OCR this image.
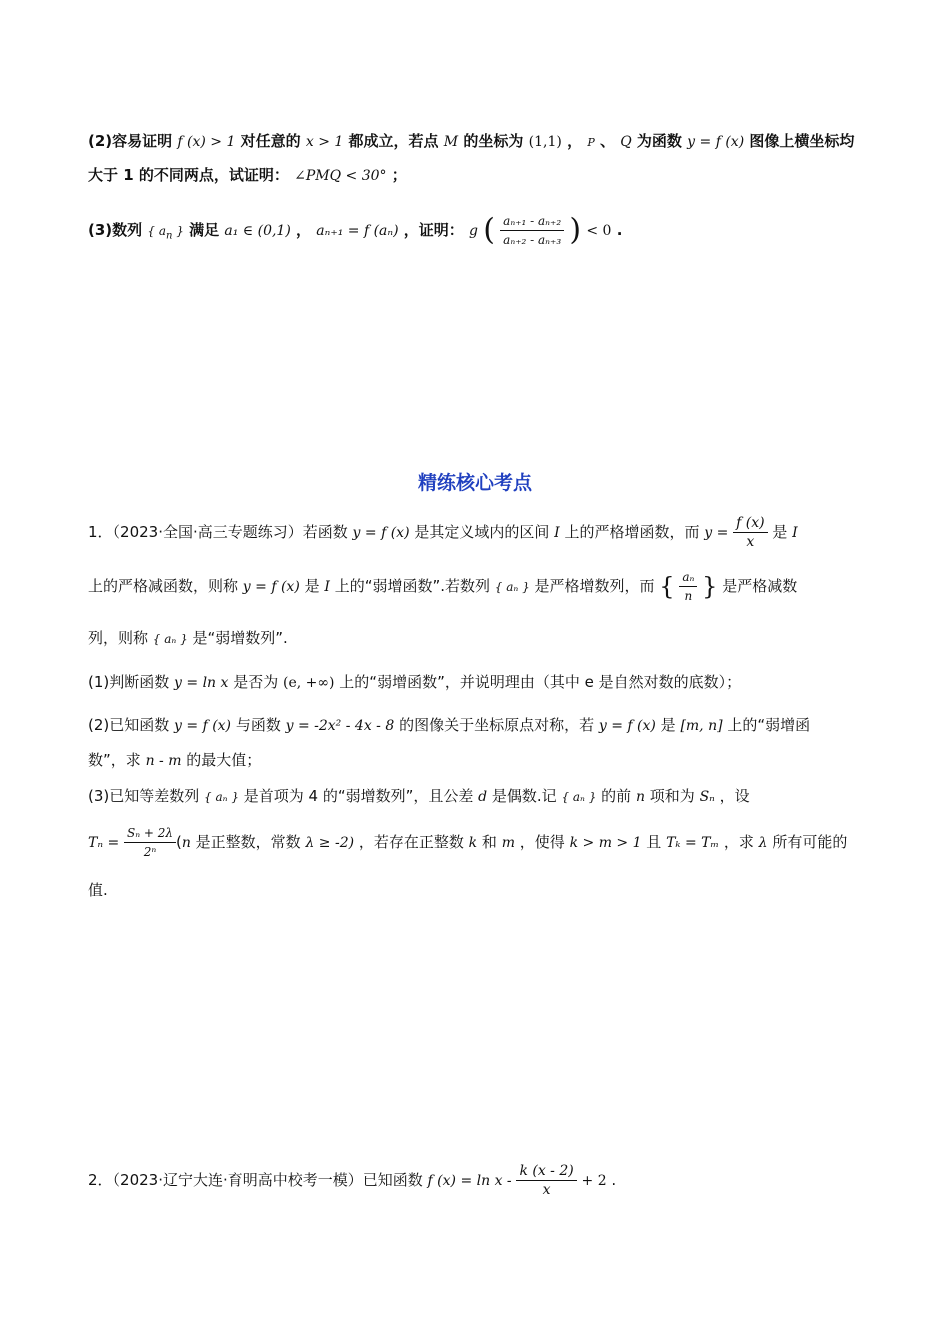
(2)容易证明 f (x) > 1 对任意的 x > 1 都成立，若点 M 的坐标为 (1,1) ， P 、 Q 为函数 y = f (x) 图像上横坐标均
大于 1 的不同两点，试证明： ∠PMQ < 30° ；
(3)数列 { $a_n$ } 满足 a₁ ∈ (0,1) ， aₙ₊₁ = f (aₙ) ，证明： g ( $\frac{\text{aₙ₊₁ - aₙ₊₂}}{\text{aₙ₊₂ - aₙ₊₃}}$ ) < 0 .
精练核心考点
1．（2023·全国·高三专题练习）若函数 y = f (x) 是其定义域内的区间 I 上的严格增函数，而 $y = \frac{f (x)}{x}$ 是 I
上的严格减函数，则称 y = f (x) 是 I 上的“弱增函数”.若数列 { aₙ } 是严格增数列，而 { $\frac{\text{aₙ}}{n}$ } 是严格减数
列，则称 { aₙ } 是“弱增数列”.
(1)判断函数 y = ln x 是否为 (e, +∞) 上的“弱增函数”，并说明理由（其中 e 是自然对数的底数）；
(2)已知函数 y = f (x) 与函数 y = -2x² - 4x - 8 的图像关于坐标原点对称，若 y = f (x) 是 [m, n] 上的“弱增函
数”，求 n - m 的最大值；
(3)已知等差数列 { aₙ } 是首项为 4 的“弱增数列”，且公差 d 是偶数.记 { aₙ } 的前 n 项和为 Sₙ ，设
$T_n = \frac{\text{Sₙ + 2λ}}{\text{2ⁿ}} (n$ 是正整数，常数 λ ≥ -2) ，若存在正整数 k 和 m ，使得 k > m > 1 且 Tₖ = Tₘ ，求 λ 所有可能的
值.
2．（2023·辽宁大连·育明高中校考一模）已知函数 f $(x) = \ln x - \frac{k (x - 2)}{x} + 2$ .
